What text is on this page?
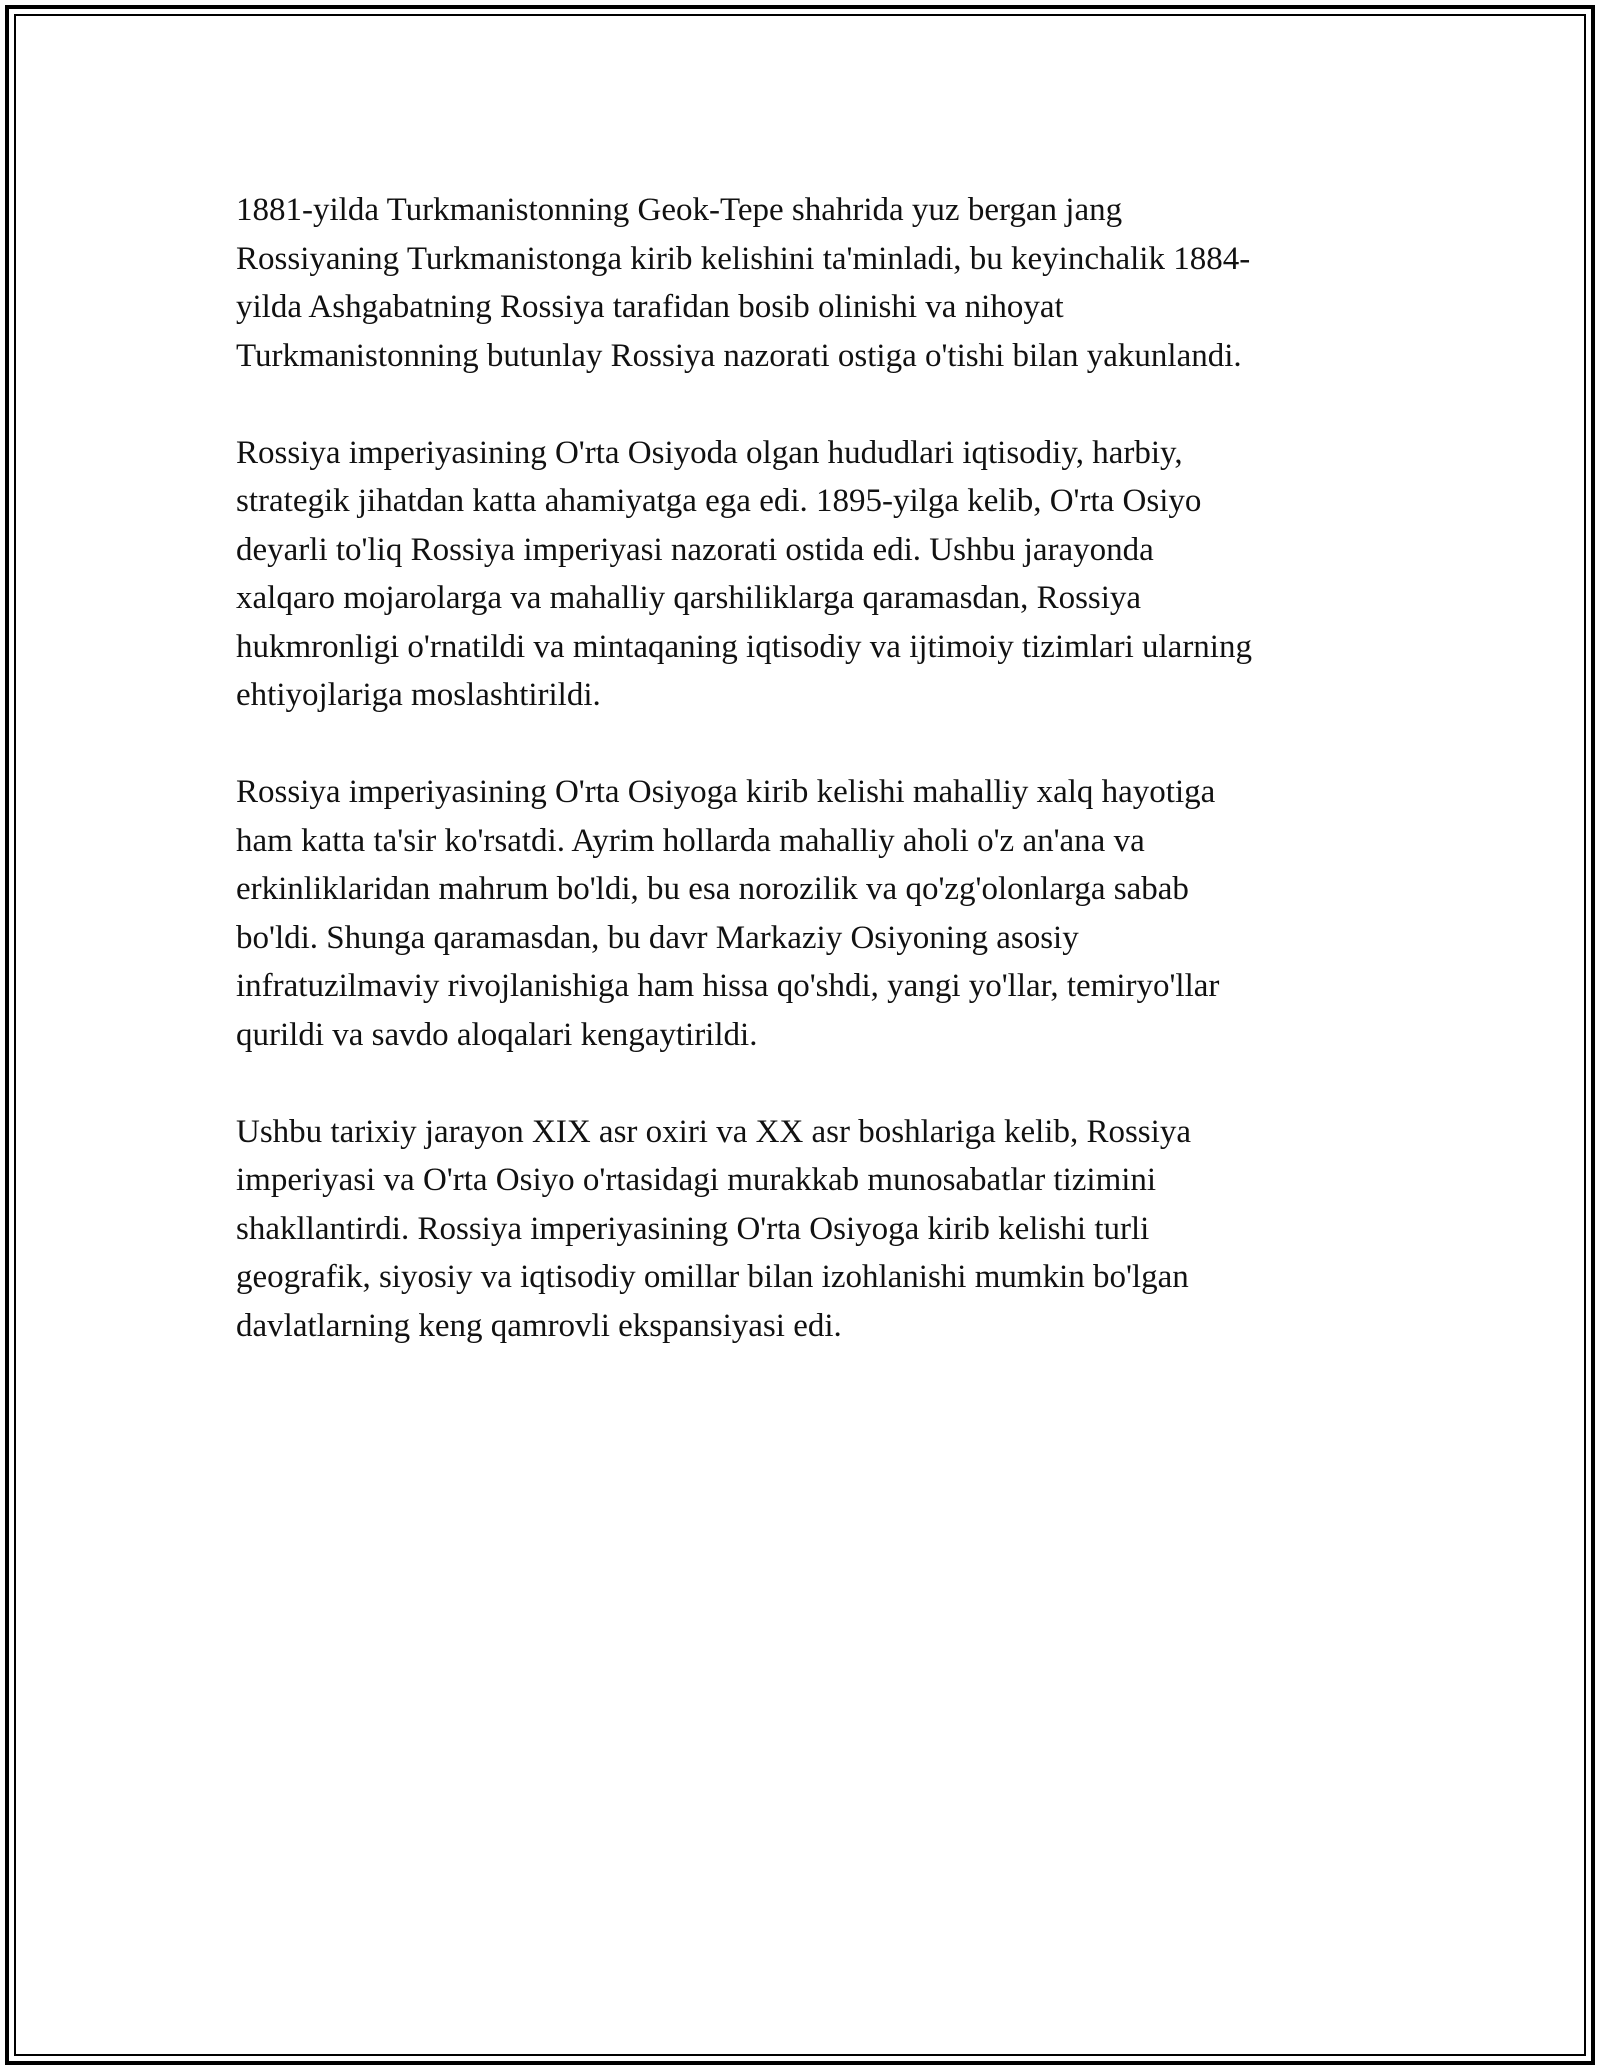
1881-yilda Turkmanistonning Geok-Tepe shahrida yuz bergan jang
Rossiyaning Turkmanistonga kirib kelishini ta'minladi, bu keyinchalik 1884-
yilda Ashgabatning Rossiya tarafidan bosib olinishi va nihoyat
Turkmanistonning butunlay Rossiya nazorati ostiga o'tishi bilan yakunlandi.

Rossiya imperiyasining O'rta Osiyoda olgan hududlari iqtisodiy, harbiy,
strategik jihatdan katta ahamiyatga ega edi. 1895-yilga kelib, O'rta Osiyo
deyarli to'liq Rossiya imperiyasi nazorati ostida edi. Ushbu jarayonda
xalqaro mojarolarga va mahalliy qarshiliklarga qaramasdan, Rossiya
hukmronligi o'rnatildi va mintaqaning iqtisodiy va ijtimoiy tizimlari ularning
ehtiyojlariga moslashtirildi.

Rossiya imperiyasining O'rta Osiyoga kirib kelishi mahalliy xalq hayotiga
ham katta ta'sir ko'rsatdi. Ayrim hollarda mahalliy aholi o'z an'ana va
erkinliklaridan mahrum bo'ldi, bu esa norozilik va qo'zg'olonlarga sabab
bo'ldi. Shunga qaramasdan, bu davr Markaziy Osiyoning asosiy
infratuzilmaviy rivojlanishiga ham hissa qo'shdi, yangi yo'llar, temiryo'llar
qurildi va savdo aloqalari kengaytirildi.

Ushbu tarixiy jarayon XIX asr oxiri va XX asr boshlariga kelib, Rossiya
imperiyasi va O'rta Osiyo o'rtasidagi murakkab munosabatlar tizimini
shakllantirdi. Rossiya imperiyasining O'rta Osiyoga kirib kelishi turli
geografik, siyosiy va iqtisodiy omillar bilan izohlanishi mumkin bo'lgan
davlatlarning keng qamrovli ekspansiyasi edi.
